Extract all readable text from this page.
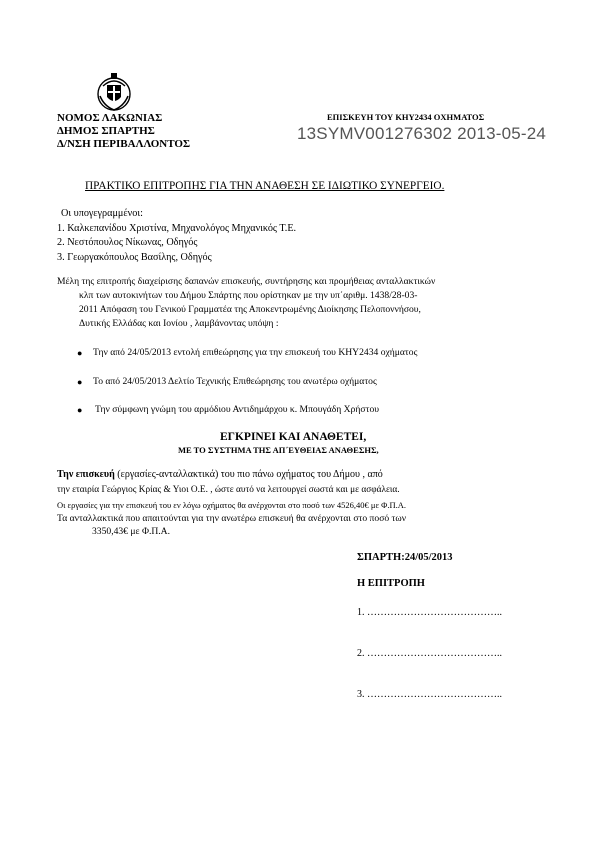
ΝΟΜΟΣ ΛΑΚΩΝΙΑΣ
ΔΗΜΟΣ ΣΠΑΡΤΗΣ
Δ/ΝΣΗ ΠΕΡΙΒΑΛΛΟΝΤΟΣ
ΕΠΙΣΚΕΥΗ ΤΟΥ ΚΗΥ2434 ΟΧΗΜΑΤΟΣ
13SYMV001276302 2013-05-24
ΠΡΑΚΤΙΚΟ ΕΠΙΤΡΟΠΗΣ ΓΙΑ ΤΗΝ ΑΝΑΘΕΣΗ ΣΕ ΙΔΙΩΤΙΚΟ ΣΥΝΕΡΓΕΙΟ.
Οι υπογεγραμμένοι:
1. Καλκεπανίδου Χριστίνα, Μηχανολόγος Μηχανικός Τ.Ε.
2. Νεστόπουλος Νίκωνας, Οδηγός
3. Γεωργακόπουλος Βασίλης, Οδηγός
Μέλη της επιτροπής διαχείρισης δαπανών επισκευής, συντήρησης και προμήθειας ανταλλακτικών
κλπ των αυτοκινήτων του Δήμου Σπάρτης που ορίστηκαν με την υπ΄αριθμ. 1438/28-03-
2011 Απόφαση του Γενικού Γραμματέα της Αποκεντρωμένης Διοίκησης Πελοποννήσου,
Δυτικής Ελλάδας και Ιονίου , λαμβάνοντας υπόψη :
● Την από 24/05/2013 εντολή επιθεώρησης για την επισκευή του ΚΗΥ2434 οχήματος
● Το από 24/05/2013 Δελτίο Τεχνικής Επιθεώρησης του ανωτέρω οχήματος
● Την σύμφωνη γνώμη του αρμόδιου Αντιδημάρχου κ. Μπουγάδη Χρήστου
ΕΓΚΡΙΝΕΙ ΚΑΙ ΑΝΑΘΕΤΕΙ,
ΜΕ ΤΟ ΣΥΣΤΗΜΑ ΤΗΣ ΑΠ΄ΕΥΘΕΙΑΣ ΑΝΑΘΕΣΗΣ,
Την επισκευή (εργασίες-ανταλλακτικά) του πιο πάνω οχήματος του Δήμου , από
την εταιρία Γεώργιος Κρίας & Υιοι Ο.Ε. , ώστε αυτό να λειτουργεί σωστά και με ασφάλεια.
Οι εργασίες για την επισκευή του εν λόγω οχήματος θα ανέρχονται στο ποσό των 4526,40€ με Φ.Π.Α.
Τα ανταλλακτικά που απαιτούνται για την ανωτέρω επισκευή θα ανέρχονται στο ποσό των
3350,43€ με Φ.Π.Α.
ΣΠΑΡΤΗ:24/05/2013
Η ΕΠΙΤΡΟΠΗ
1. …………………………………..
2. …………………………………..
3. …………………………………..
